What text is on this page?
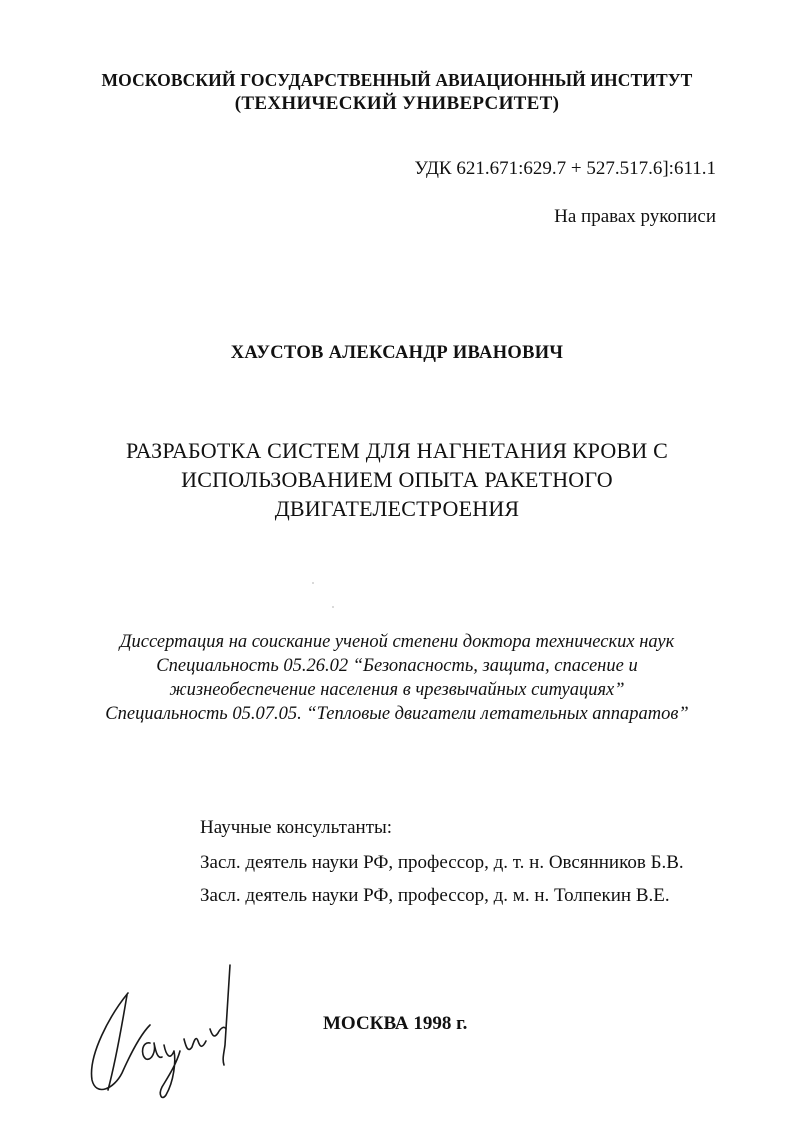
МОСКОВСКИЙ ГОСУДАРСТВЕННЫЙ АВИАЦИОННЫЙ ИНСТИТУТ
(ТЕХНИЧЕСКИЙ УНИВЕРСИТЕТ)
УДК 621.671:629.7 + 527.517.6]:611.1
На правах рукописи
ХАУСТОВ АЛЕКСАНДР ИВАНОВИЧ
РАЗРАБОТКА СИСТЕМ ДЛЯ НАГНЕТАНИЯ КРОВИ С
ИСПОЛЬЗОВАНИЕМ ОПЫТА РАКЕТНОГО
ДВИГАТЕЛЕСТРОЕНИЯ
Диссертация на соискание ученой степени доктора технических наук
Специальность 05.26.02 “Безопасность, защита, спасение и
жизнеобеспечение населения в чрезвычайных ситуациях”
Специальность 05.07.05. “Тепловые двигатели летательных аппаратов”
Научные консультанты:
Засл. деятель науки РФ, профессор, д. т. н. Овсянников Б.В.
Засл. деятель науки РФ, профессор, д. м. н. Толпекин В.Е.
МОСКВА 1998 г.
